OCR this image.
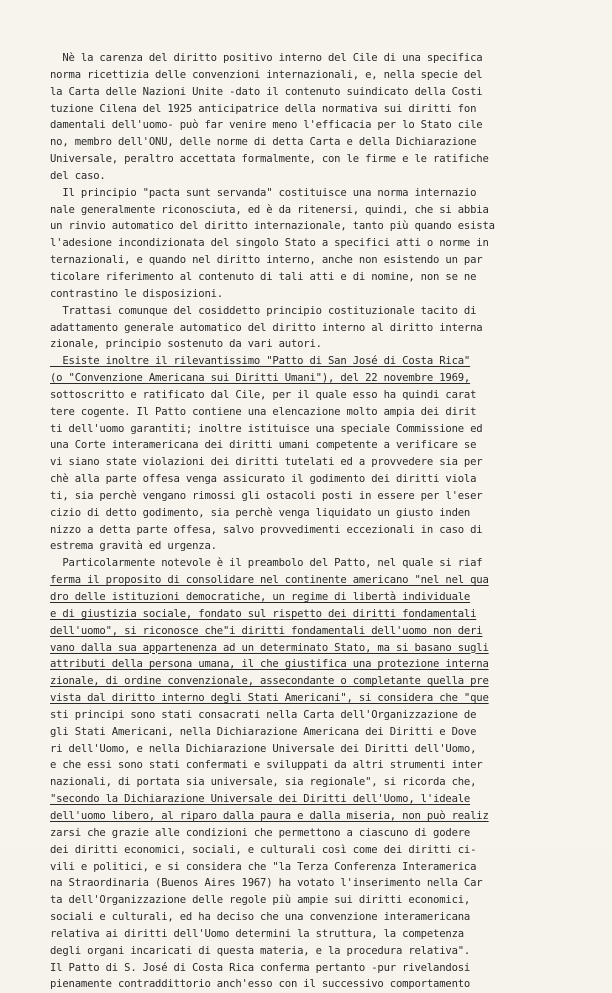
Nè la carenza del diritto positivo interno del Cile di una specifica
norma ricettizia delle convenzioni internazionali, e, nella specie del
la Carta delle Nazioni Unite -dato il contenuto suindicato della Costi
tuzione Cilena del 1925 anticipatrice della normativa sui diritti fon
damentali dell'uomo- può far venire meno l'efficacia per lo Stato cile
no, membro dell'ONU, delle norme di detta Carta e della Dichiarazione
Universale, peraltro accettata formalmente, con le firme e le ratifiche
del caso.
Il principio "pacta sunt servanda" costituisce una norma internazio
nale generalmente riconosciuta, ed è da ritenersi, quindi, che si abbia
un rinvio automatico del diritto internazionale, tanto più quando esista
l'adesione incondizionata del singolo Stato a specifici atti o norme in
ternazionali, e quando nel diritto interno, anche non esistendo un par
ticolare riferimento al contenuto di tali atti e di nomine, non se ne
contrastino le disposizioni.
Trattasi comunque del cosiddetto principio costituzionale tacito di
adattamento generale automatico del diritto interno al diritto interna
zionale, principio sostenuto da vari autori.
Esiste inoltre il rilevantissimo "Patto di San José di Costa Rica"
(o "Convenzione Americana sui Diritti Umani"), del 22 novembre 1969,
sottoscritto e ratificato dal Cile, per il quale esso ha quindi carat
tere cogente. Il Patto contiene una elencazione molto ampia dei dirit
ti dell'uomo garantiti; inoltre istituisce una speciale Commissione ed
una Corte interamericana dei diritti umani competente a verificare se
vi siano state violazioni dei diritti tutelati ed a provvedere sia per
chè alla parte offesa venga assicurato il godimento dei diritti viola
ti, sia perchè vengano rimossi gli ostacoli posti in essere per l'eser
cizio di detto godimento, sia perchè venga liquidato un giusto inden
nizzo a detta parte offesa, salvo provvedimenti eccezionali in caso di
estrema gravità ed urgenza.
Particolarmente notevole è il preambolo del Patto, nel quale si riaf
ferma il proposito di consolidare nel continente americano "nel nel qua
dro delle istituzioni democratiche, un regime di libertà individuale
e di giustizia sociale, fondato sul rispetto dei diritti fondamentali
dell'uomo", si riconosce che"i diritti fondamentali dell'uomo non deri
vano dalla sua appartenenza ad un determinato Stato, ma si basano sugli
attributi della persona umana, il che giustifica una protezione interna
zionale, di ordine convenzionale, assecondante o completante quella pre
vista dal diritto interno degli Stati Americani", si considera che "que
sti principi sono stati consacrati nella Carta dell'Organizzazione de
gli Stati Americani, nella Dichiarazione Americana dei Diritti e Dove
ri dell'Uomo, e nella Dichiarazione Universale dei Diritti dell'Uomo,
e che essi sono stati confermati e sviluppati da altri strumenti inter
nazionali, di portata sia universale, sia regionale", si ricorda che,
"secondo la Dichiarazione Universale dei Diritti dell'Uomo, l'ideale
dell'uomo libero, al riparo dalla paura e dalla miseria, non può realiz
zarsi che grazie alle condizioni che permettono a ciascuno di godere
dei diritti economici, sociali, e culturali così come dei diritti ci-
vili e politici, e si considera che "la Terza Conferenza Interamerica
na Straordinaria (Buenos Aires 1967) ha votato l'inserimento nella Car
ta dell'Organizzazione delle regole più ampie sui diritti economici,
sociali e culturali, ed ha deciso che una convenzione interamericana
relativa ai diritti dell'Uomo determini la struttura, la competenza
degli organi incaricati di questa materia, e la procedura relativa".
Il Patto di S. José di Costa Rica conferma pertanto -pur rivelandosi
pienamente contraddittorio anch'esso con il successivo comportamento
